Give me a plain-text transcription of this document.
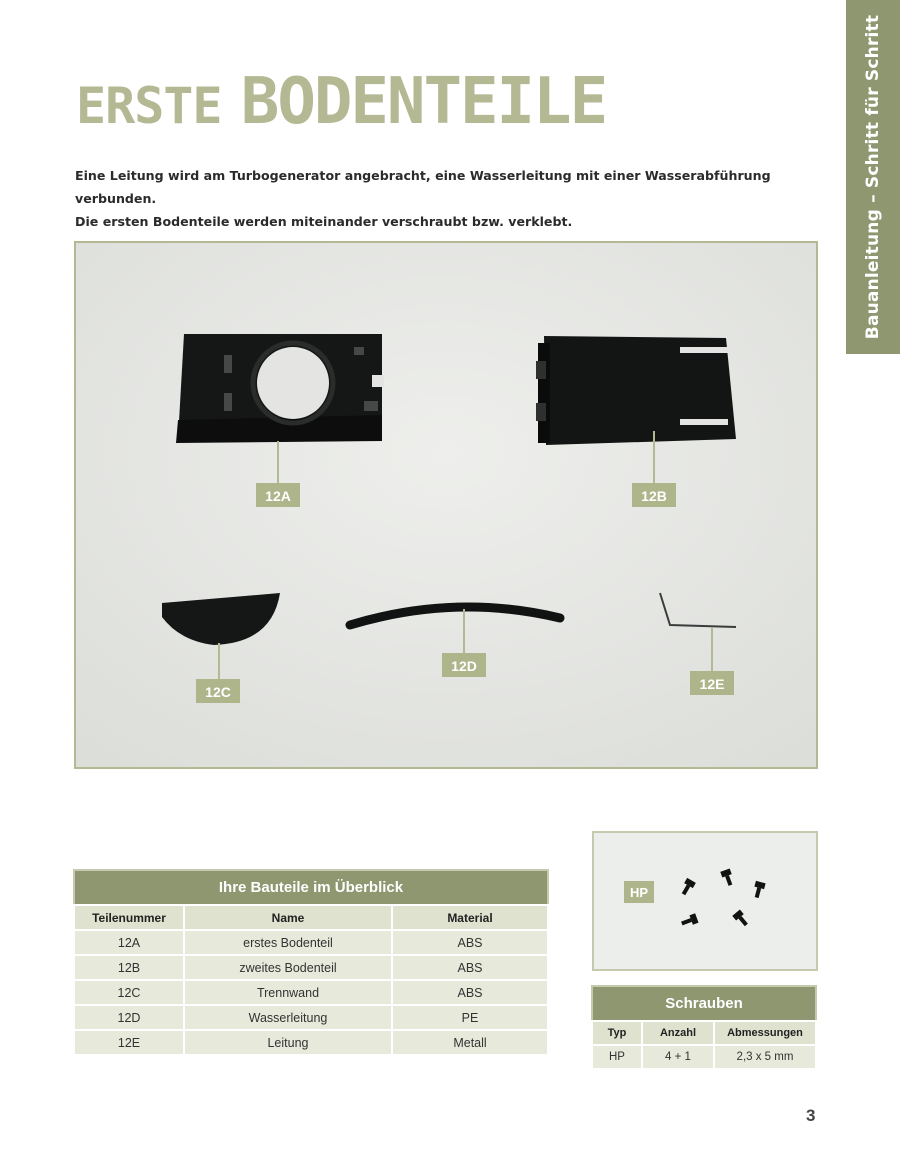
Bauanleitung – Schritt für Schritt
ERSTE BODENTEILE

Eine Leitung wird am Turbogenerator angebracht, eine Wasserleitung mit einer Wasserabführung verbunden.

Die ersten Bodenteile werden miteinander verschraubt bzw. verklebt.

12A	12B
12C
12D
12E
Ihre Bauteile im Überblick		
Teilenummer	Name	Material
12A	erstes Bodenteil	ABS
12B	zweites Bodenteil	ABS
12C	Trennwand	ABS
12D	Wasserleitung	PE
12E	Leitung	Metall
HP
Schrauben		
Typ	Anzahl	Abmessungen
HP	4 + 1	2,3 x 5 mm
3
